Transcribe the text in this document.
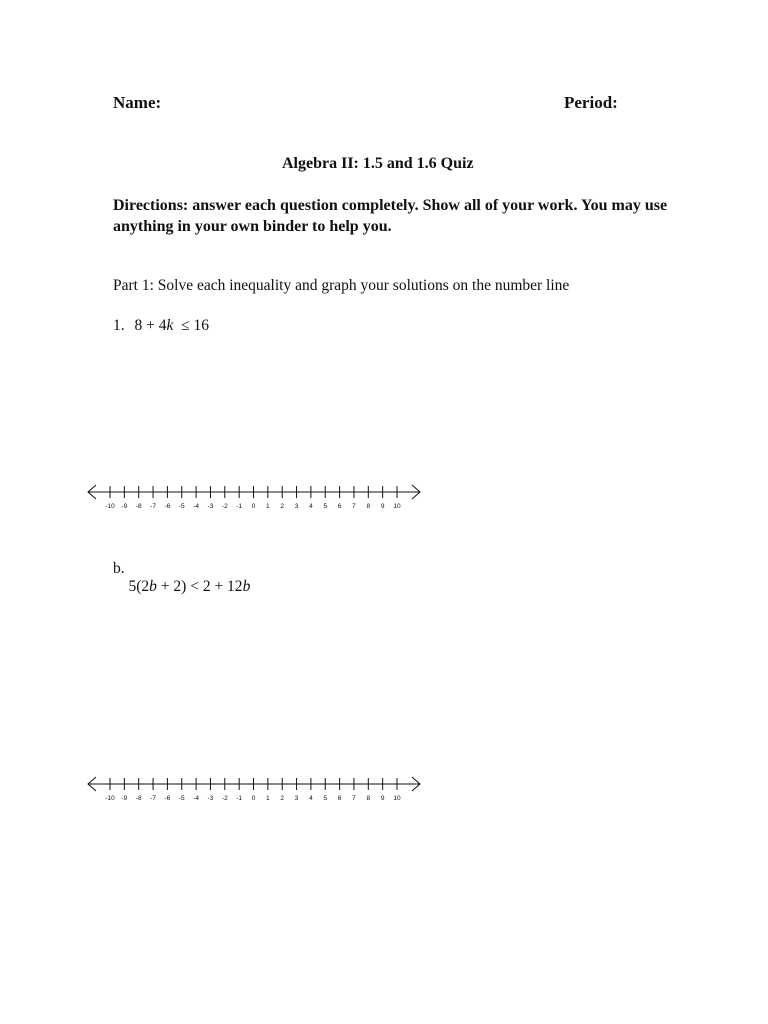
Name:	Period:
Algebra II: 1.5 and 1.6 Quiz
Directions: answer each question completely. Show all of your work. You may use anything in your own binder to help you.
Part 1: Solve each inequality and graph your solutions on the number line
1. 8 + 4k  ≤ 16
-10 -9 -8 -7 -6 -5 -4 -3 -2 -1 0 1 2 3 4 5 6 7 8 9 10
b.
5(2b + 2) < 2 + 12b

-10 -9 -8 -7 -6 -5 -4 -3 -2 -1 0 1 2 3 4 5 6 7 8 9 10
